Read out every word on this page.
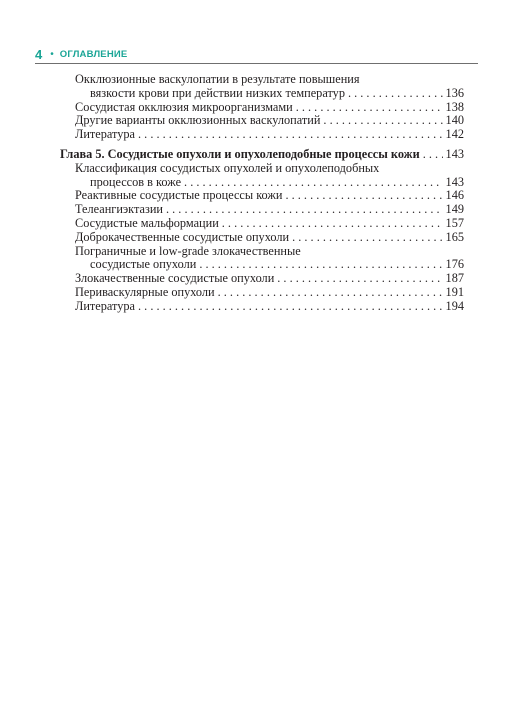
4 • ОГЛАВЛЕНИЕ
Окклюзионные васкулопатии в результате повышения
вязкости крови при действии низких температур . . .	136
Сосудистая окклюзия микроорганизмами . . .	138
Другие варианты окклюзионных васкулопатий . . .	140
Литература . . .	142
Глава 5. Сосудистые опухоли и опухолеподобные процессы кожи . . . 143
Классификация сосудистых опухолей и опухолеподобных
процессов в коже . . .	143
Реактивные сосудистые процессы кожи . . .	146
Телеангиэктазии . . .	149
Сосудистые мальформации . . .	157
Доброкачественные сосудистые опухоли . . .	165
Пограничные и low-grade злокачественные
сосудистые опухоли . . .	176
Злокачественные сосудистые опухоли . . .	187
Периваскулярные опухоли . . .	191
Литература . . .	194
